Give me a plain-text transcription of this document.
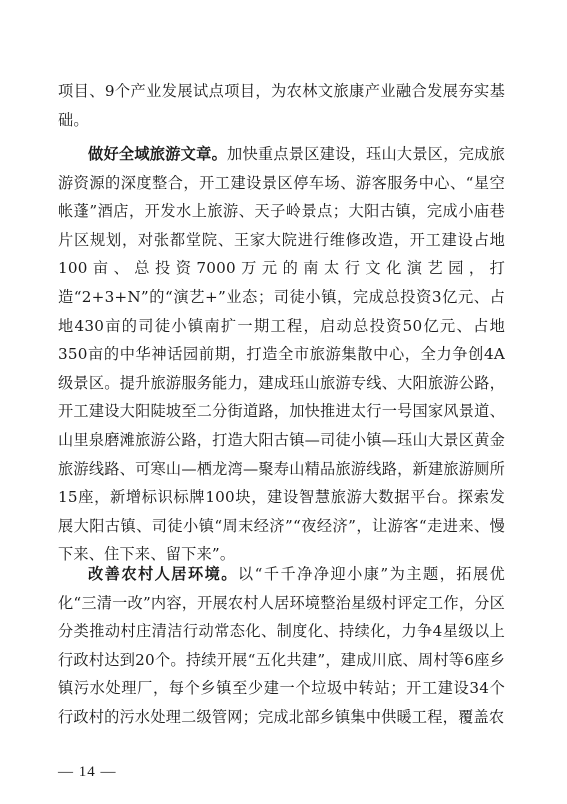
项目、9个产业发展试点项目，为农林文旅康产业融合发展夯实基础。

做好全域旅游文章。加快重点景区建设，珏山大景区，完成旅游资源的深度整合，开工建设景区停车场、游客服务中心、“星空帐蓬”酒店，开发水上旅游、天子岭景点；大阳古镇，完成小庙巷片区规划，对张都堂院、王家大院进行维修改造，开工建设占地100亩、总投资7000万元的南太行文化演艺园，打造“2+3+N”的“演艺+”业态；司徒小镇，完成总投资3亿元、占地430亩的司徒小镇南扩一期工程，启动总投资50亿元、占地350亩的中华神话园前期，打造全市旅游集散中心，全力争创4A级景区。提升旅游服务能力，建成珏山旅游专线、大阳旅游公路，开工建设大阳陡坡至二分街道路，加快推进太行一号国家风景道、山里泉磨滩旅游公路，打造大阳古镇—司徒小镇—珏山大景区黄金旅游线路、可寒山—栖龙湾—聚寿山精品旅游线路，新建旅游厕所15座，新增标识标牌100块，建设智慧旅游大数据平台。探索发展大阳古镇、司徒小镇“周末经济”“夜经济”，让游客“走进来、慢下来、住下来、留下来”。

改善农村人居环境。以“千千净净迎小康”为主题，拓展优化“三清一改”内容，开展农村人居环境整治星级村评定工作，分区分类推动村庄清洁行动常态化、制度化、持续化，力争4星级以上行政村达到20个。持续开展“五化共建”，建成川底、周村等6座乡镇污水处理厂，每个乡镇至少建一个垃圾中转站；开工建设34个行政村的污水处理二级管网；完成北部乡镇集中供暖工程，覆盖农

— 14 —
